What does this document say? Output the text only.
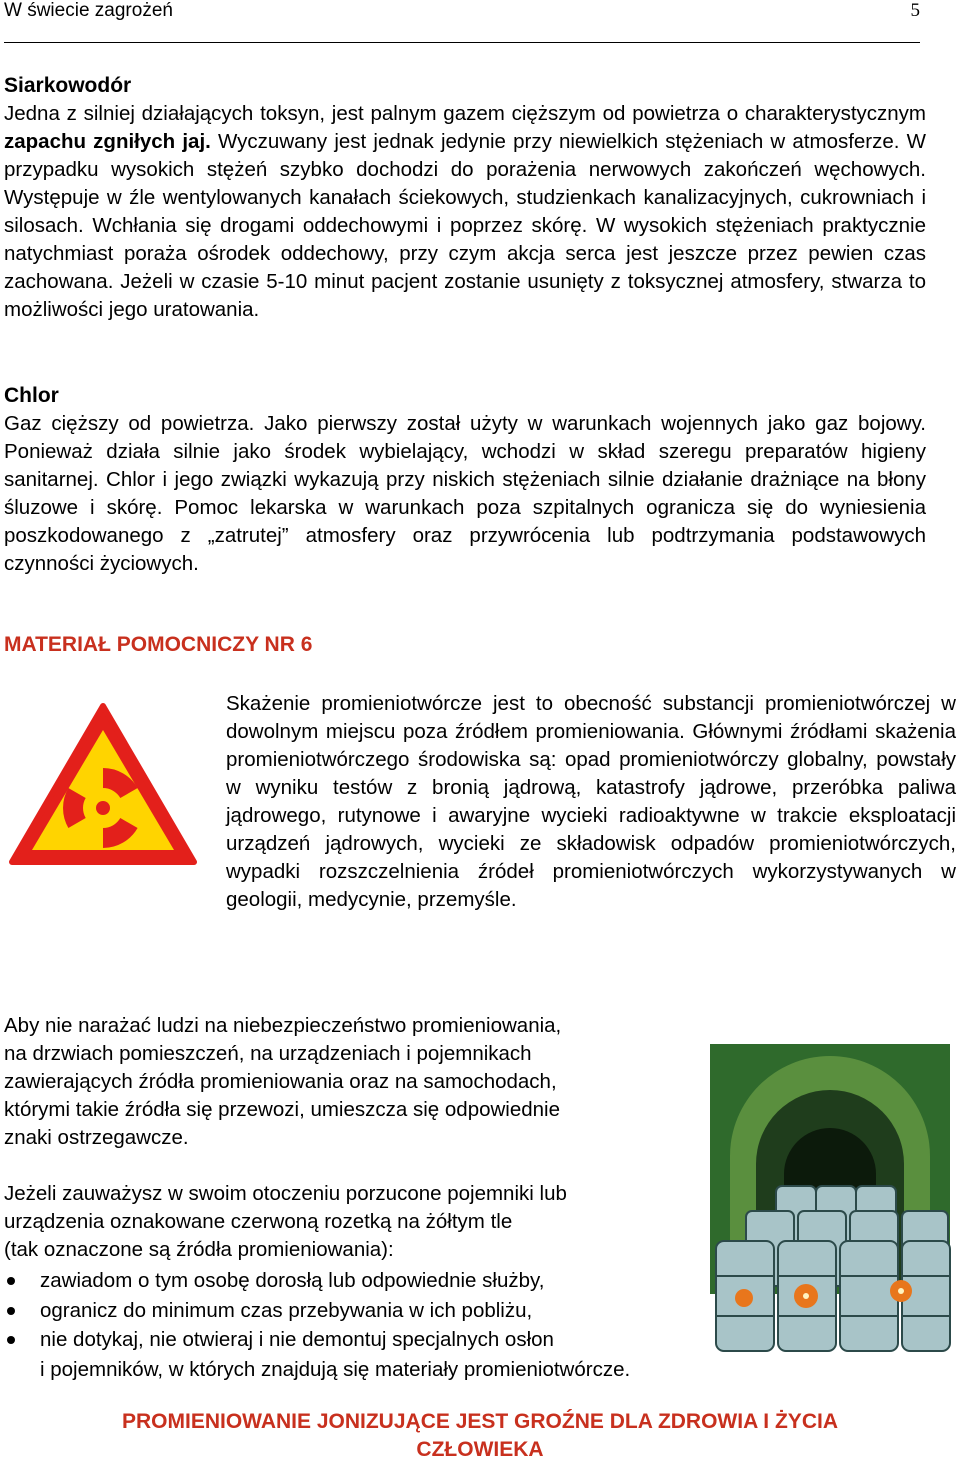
W świecie zagrożeń	5
Siarkowodór
Jedna z silniej działających toksyn, jest palnym gazem cięższym od powietrza o charakterystycznym zapachu zgniłych jaj. Wyczuwany jest jednak jedynie przy niewielkich stężeniach w atmosferze. W przypadku wysokich stężeń szybko dochodzi do porażenia nerwowych zakończeń węchowych. Występuje w źle wentylowanych kanałach ściekowych, studzienkach kanalizacyjnych, cukrowniach i silosach. Wchłania się drogami oddechowymi i poprzez skórę. W wysokich stężeniach praktycznie natychmiast poraża ośrodek oddechowy, przy czym akcja serca jest jeszcze przez pewien czas zachowana. Jeżeli w czasie 5-10 minut pacjent zostanie usunięty z toksycznej atmosfery, stwarza to możliwości jego uratowania.
Chlor
Gaz cięższy od powietrza. Jako pierwszy został użyty w warunkach wojennych jako gaz bojowy. Ponieważ działa silnie jako środek wybielający, wchodzi w skład szeregu preparatów higieny sanitarnej. Chlor i jego związki wykazują przy niskich stężeniach silnie działanie drażniące na błony śluzowe i skórę. Pomoc lekarska w warunkach poza szpitalnych ogranicza się do wyniesienia poszkodowanego z „zatrutej” atmosfery oraz przywrócenia lub podtrzymania podstawowych czynności życiowych.
MATERIAŁ POMOCNICZY NR 6
Skażenie promieniotwórcze jest to obecność substancji promieniotwórczej w dowolnym miejscu poza źródłem promieniowania. Głównymi źródłami skażenia promieniotwórczego środowiska są: opad promieniotwórczy globalny, powstały w wyniku testów z bronią jądrową, katastrofy jądrowe, przeróbka paliwa jądrowego, rutynowe i awaryjne wycieki radioaktywne w trakcie eksploatacji urządzeń jądrowych, wycieki ze składowisk odpadów promieniotwórczych, wypadki rozszczelnienia źródeł promieniotwórczych wykorzystywanych w geologii, medycynie, przemyśle.
Aby nie narażać ludzi na niebezpieczeństwo promieniowania,
na drzwiach pomieszczeń, na urządzeniach i pojemnikach
zawierających źródła promieniowania oraz na samochodach,
którymi takie źródła się przewozi, umieszcza się odpowiednie
znaki ostrzegawcze.
Jeżeli zauważysz w swoim otoczeniu porzucone pojemniki lub
urządzenia oznakowane czerwoną rozetką na żółtym tle
(tak oznaczone są źródła promieniowania):
zawiadom o tym osobę dorosłą lub odpowiednie służby,
ogranicz do minimum czas przebywania w ich pobliżu,
nie dotykaj, nie otwieraj i nie demontuj specjalnych osłon
i pojemników, w których znajdują się materiały promieniotwórcze.
PROMIENIOWANIE JONIZUJĄCE JEST GROŹNE DLA ZDROWIA I ŻYCIA
CZŁOWIEKA
